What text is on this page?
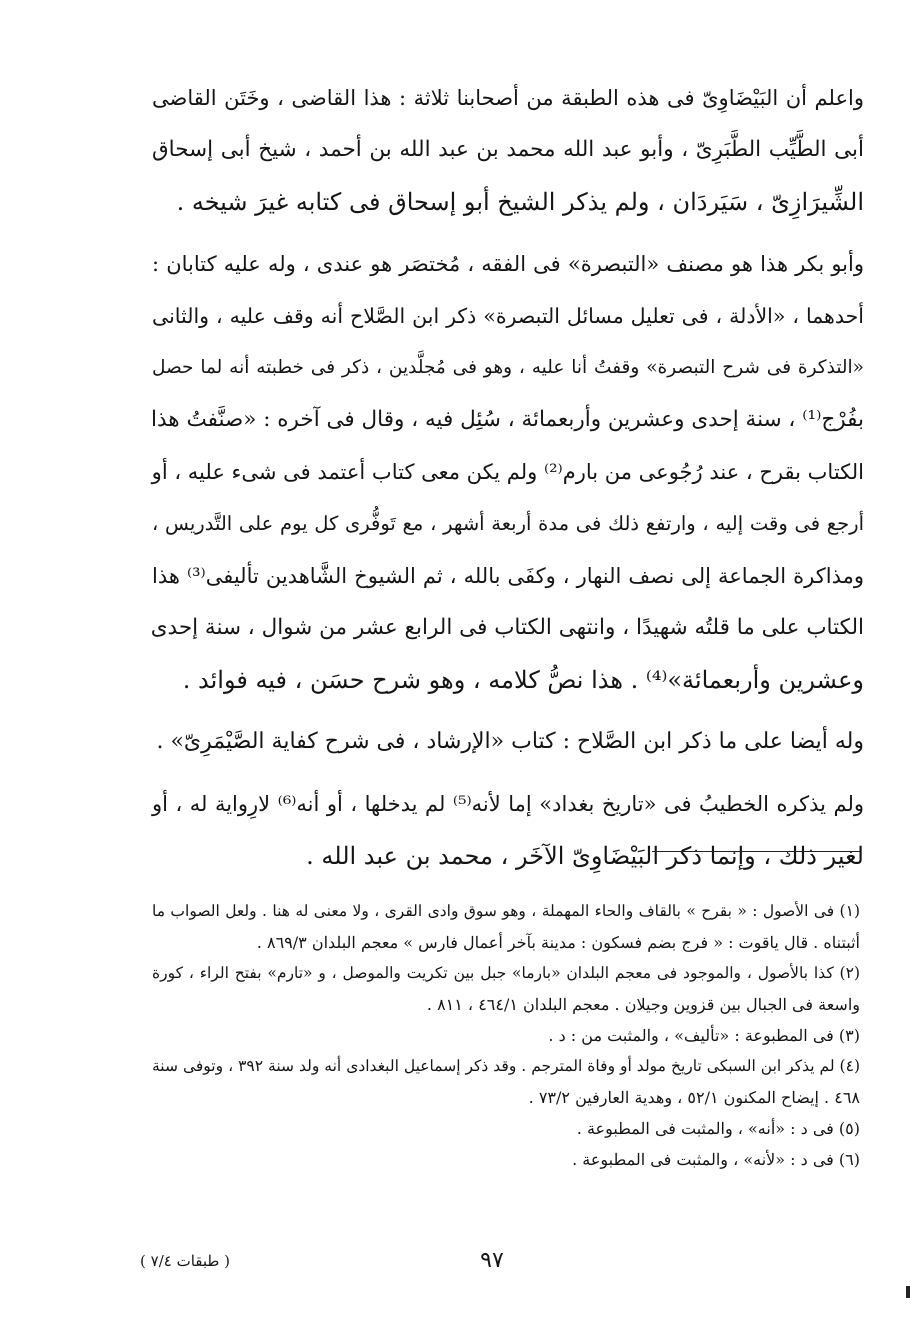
واعلم أن البَيْضَاوِىّ فى هذه الطبقة من أصحابنا ثلاثة : هذا القاضى ، وخَتَن القاضى
أبى الطَّيِّب الطَّبَرِىّ ، وأبو عبد الله محمد بن عبد الله بن أحمد ، شيخ أبى إسحاق
الشِّيرَازِىّ ، سَيَردَان ، ولم يذكر الشيخ أبو إسحاق فى كتابه غيرَ شيخه .
وأبو بكر هذا هو مصنف «التبصرة» فى الفقه ، مُختصَر هو عندى ، وله عليه كتابان :
أحدهما ، «الأدلة ، فى تعليل مسائل التبصرة» ذكر ابن الصَّلاح أنه وقف عليه ، والثانى
«التذكرة فى شرح التبصرة» وقفتُ أنا عليه ، وهو فى مُجلَّدين ، ذكر فى خطبته أنه لما حصل
بفُرْج⁽¹⁾ ، سنة إحدى وعشرين وأربعمائة ، سُئِل فيه ، وقال فى آخره : «صنَّفتُ هذا
الكتاب بقرح ، عند رُجُوعى من بارم⁽²⁾ ولم يكن معى كتاب أعتمد فى شىء عليه ، أو
أرجع فى وقت إليه ، وارتفع ذلك فى مدة أربعة أشهر ، مع تَوفُّرى كل يوم على التَّدريس ،
ومذاكرة الجماعة إلى نصف النهار ، وكفَى بالله ، ثم الشيوخ الشَّاهدين تأليفى⁽³⁾ هذا
الكتاب على ما قلتُه شهيدًا ، وانتهى الكتاب فى الرابع عشر من شوال ، سنة إحدى
وعشرين وأربعمائة»⁽⁴⁾ . هذا نصُّ كلامه ، وهو شرح حسَن ، فيه فوائد .
وله أيضا على ما ذكر ابن الصَّلاح : كتاب «الإرشاد ، فى شرح كفاية الصَّيْمَرِىّ» .
ولم يذكره الخطيبُ فى «تاريخ بغداد» إما لأنه⁽⁵⁾ لم يدخلها ، أو أنه⁽⁶⁾ لارِواية له ، أو
لغير ذلك ، وإنما ذكر البَيْضَاوِىّ الآخَر ، محمد بن عبد الله .
(١) فى الأصول : « بقرح » بالقاف والحاء المهملة ، وهو سوق وادى القرى ، ولا معنى له هنا . ولعل الصواب ما
أثبتناه . قال ياقوت : « فرج بضم فسكون : مدينة بآخر أعمال فارس » معجم البلدان ٨٦٩/٣ .
(٢) كذا بالأصول ، والموجود فى معجم البلدان «بارما» جبل بين تكريت والموصل ، و «تارم» بفتح الراء ، كورة
واسعة فى الجبال بين قزوين وجيلان . معجم البلدان ٤٦٤/١ ، ٨١١ .
(٣) فى المطبوعة : «تأليف» ، والمثبت من : د .
(٤) لم يذكر ابن السبكى تاريخ مولد أو وفاة المترجم . وقد ذكر إسماعيل البغدادى أنه ولد سنة ٣٩٢ ، وتوفى سنة
٤٦٨ . إيضاح المكنون ٥٢/١ ، وهدية العارفين ٧٣/٢ .
(٥) فى د : «أنه» ، والمثبت فى المطبوعة .
(٦) فى د : «لأنه» ، والمثبت فى المطبوعة .
٩٧
( طبقات ٧/٤ )
